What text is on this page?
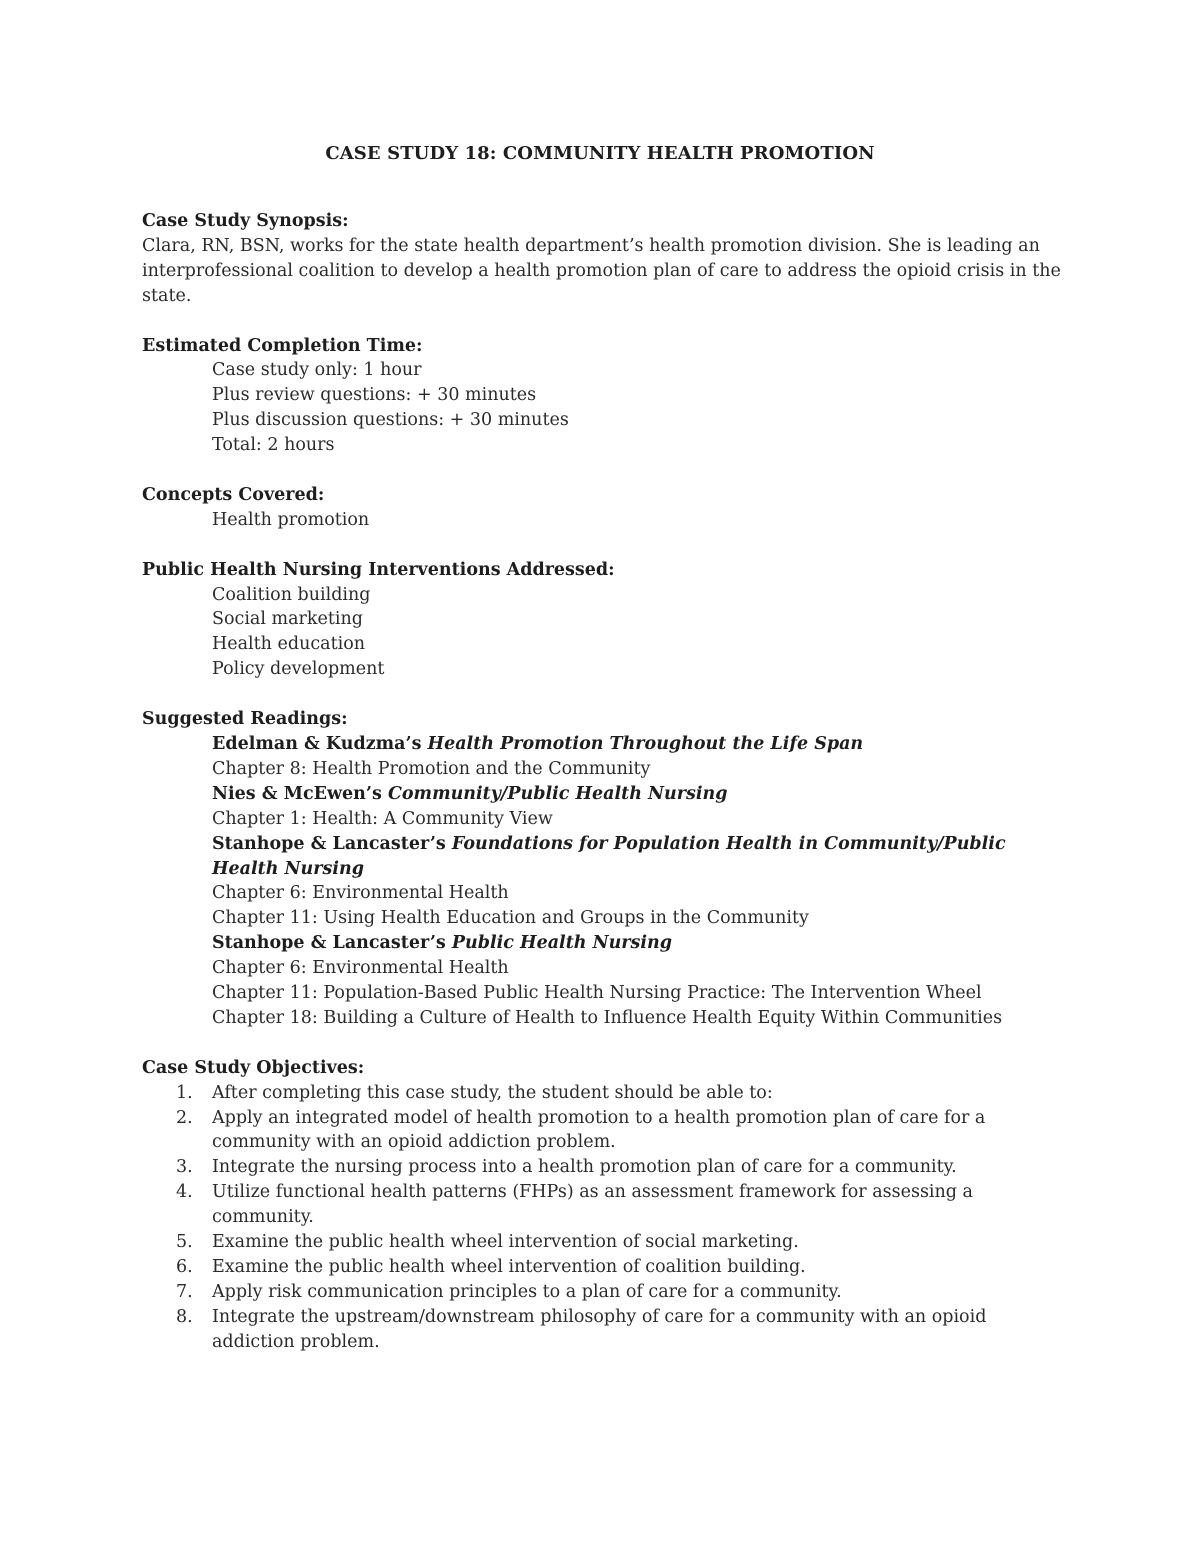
CASE STUDY 18: COMMUNITY HEALTH PROMOTION
Case Study Synopsis:

Clara, RN, BSN, works for the state health department’s health promotion division. She is leading an interprofessional coalition to develop a health promotion plan of care to address the opioid crisis in the state.

Estimated Completion Time:
Case study only: 1 hour
Plus review questions: + 30 minutes
Plus discussion questions: + 30 minutes
Total: 2 hours
Concepts Covered:
Health promotion
Public Health Nursing Interventions Addressed:
Coalition building
Social marketing
Health education
Policy development
Suggested Readings:
Edelman & Kudzma’s Health Promotion Throughout the Life Span
Chapter 8: Health Promotion and the Community
Nies & McEwen’s Community/Public Health Nursing
Chapter 1: Health: A Community View
Stanhope & Lancaster’s Foundations for Population Health in Community/Public Health Nursing
Chapter 6: Environmental Health
Chapter 11: Using Health Education and Groups in the Community
Stanhope & Lancaster’s Public Health Nursing
Chapter 6: Environmental Health
Chapter 11: Population-Based Public Health Nursing Practice: The Intervention Wheel
Chapter 18: Building a Culture of Health to Influence Health Equity Within Communities
Case Study Objectives:
1. After completing this case study, the student should be able to:
2. Apply an integrated model of health promotion to a health promotion plan of care for a community with an opioid addiction problem.
3. Integrate the nursing process into a health promotion plan of care for a community.
4. Utilize functional health patterns (FHPs) as an assessment framework for assessing a community.
5. Examine the public health wheel intervention of social marketing.
6. Examine the public health wheel intervention of coalition building.
7. Apply risk communication principles to a plan of care for a community.
8. Integrate the upstream/downstream philosophy of care for a community with an opioid addiction problem.
